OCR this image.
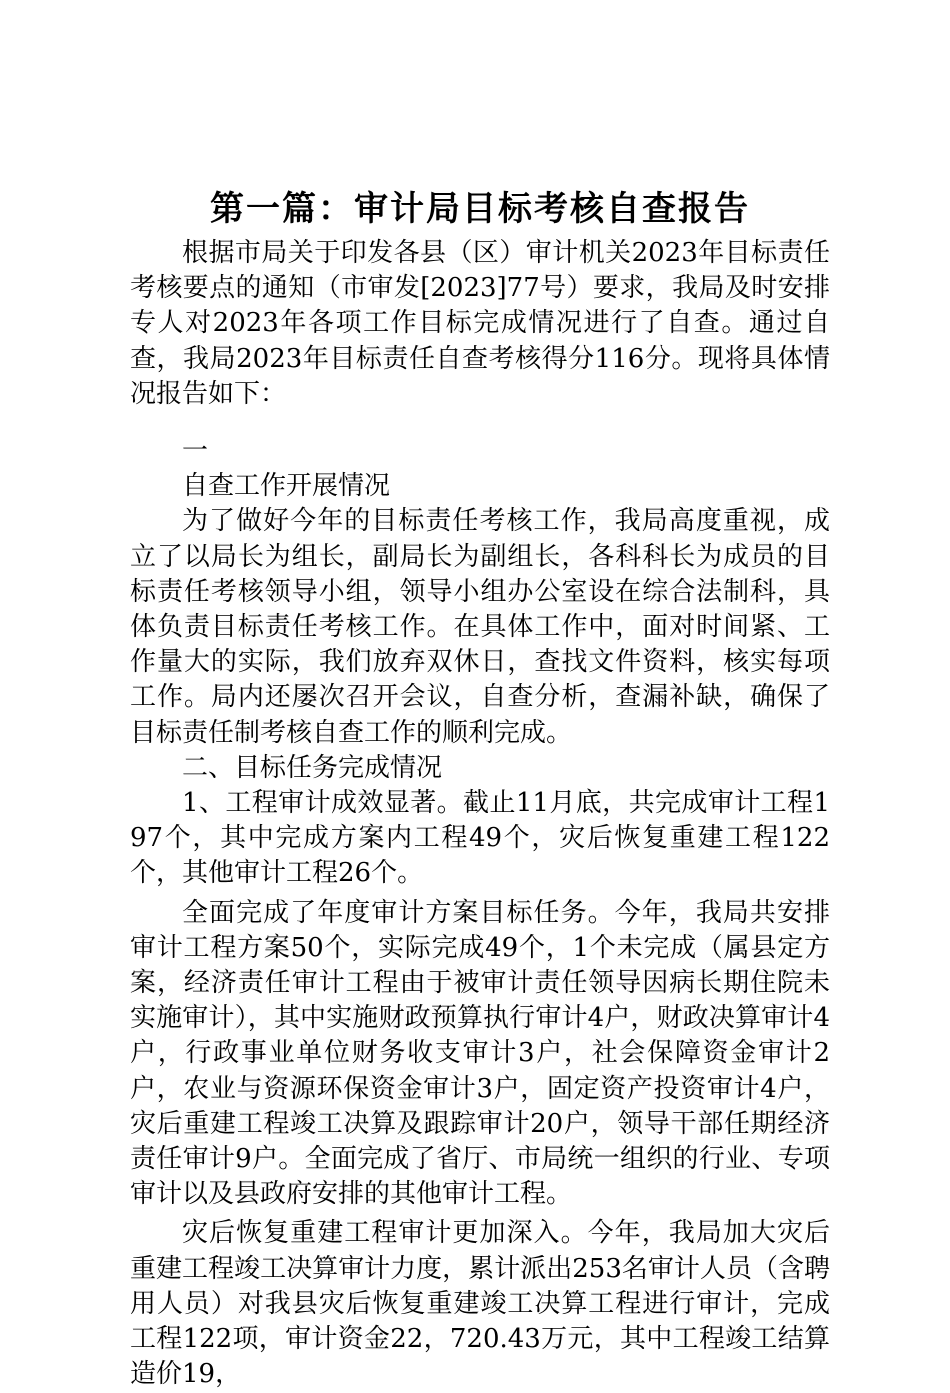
第一篇：审计局目标考核自查报告

根据市局关于印发各县（区）审计机关2023年目标责任考核要点的通知（市审发[2023]77号）要求，我局及时安排专人对2023年各项工作目标完成情况进行了自查。通过自查，我局2023年目标责任自查考核得分116分。现将具体情况报告如下：

一

自查工作开展情况

为了做好今年的目标责任考核工作，我局高度重视，成立了以局长为组长，副局长为副组长，各科科长为成员的目标责任考核领导小组，领导小组办公室设在综合法制科，具体负责目标责任考核工作。在具体工作中，面对时间紧、工作量大的实际，我们放弃双休日，查找文件资料，核实每项工作。局内还屡次召开会议，自查分析，查漏补缺，确保了目标责任制考核自查工作的顺利完成。

二、目标任务完成情况

1、工程审计成效显著。截止11月底，共完成审计工程197个，其中完成方案内工程49个，灾后恢复重建工程122个，其他审计工程26个。

全面完成了年度审计方案目标任务。今年，我局共安排审计工程方案50个，实际完成49个，1个未完成（属县定方案，经济责任审计工程由于被审计责任领导因病长期住院未实施审计），其中实施财政预算执行审计4户，财政决算审计4户，行政事业单位财务收支审计3户，社会保障资金审计2户，农业与资源环保资金审计3户，固定资产投资审计4户，灾后重建工程竣工决算及跟踪审计20户，领导干部任期经济责任审计9户。全面完成了省厅、市局统一组织的行业、专项审计以及县政府安排的其他审计工程。

灾后恢复重建工程审计更加深入。今年，我局加大灾后重建工程竣工决算审计力度，累计派出253名审计人员（含聘用人员）对我县灾后恢复重建竣工决算工程进行审计，完成工程122项，审计资金22，720.43万元，其中工程竣工结算造价19，
